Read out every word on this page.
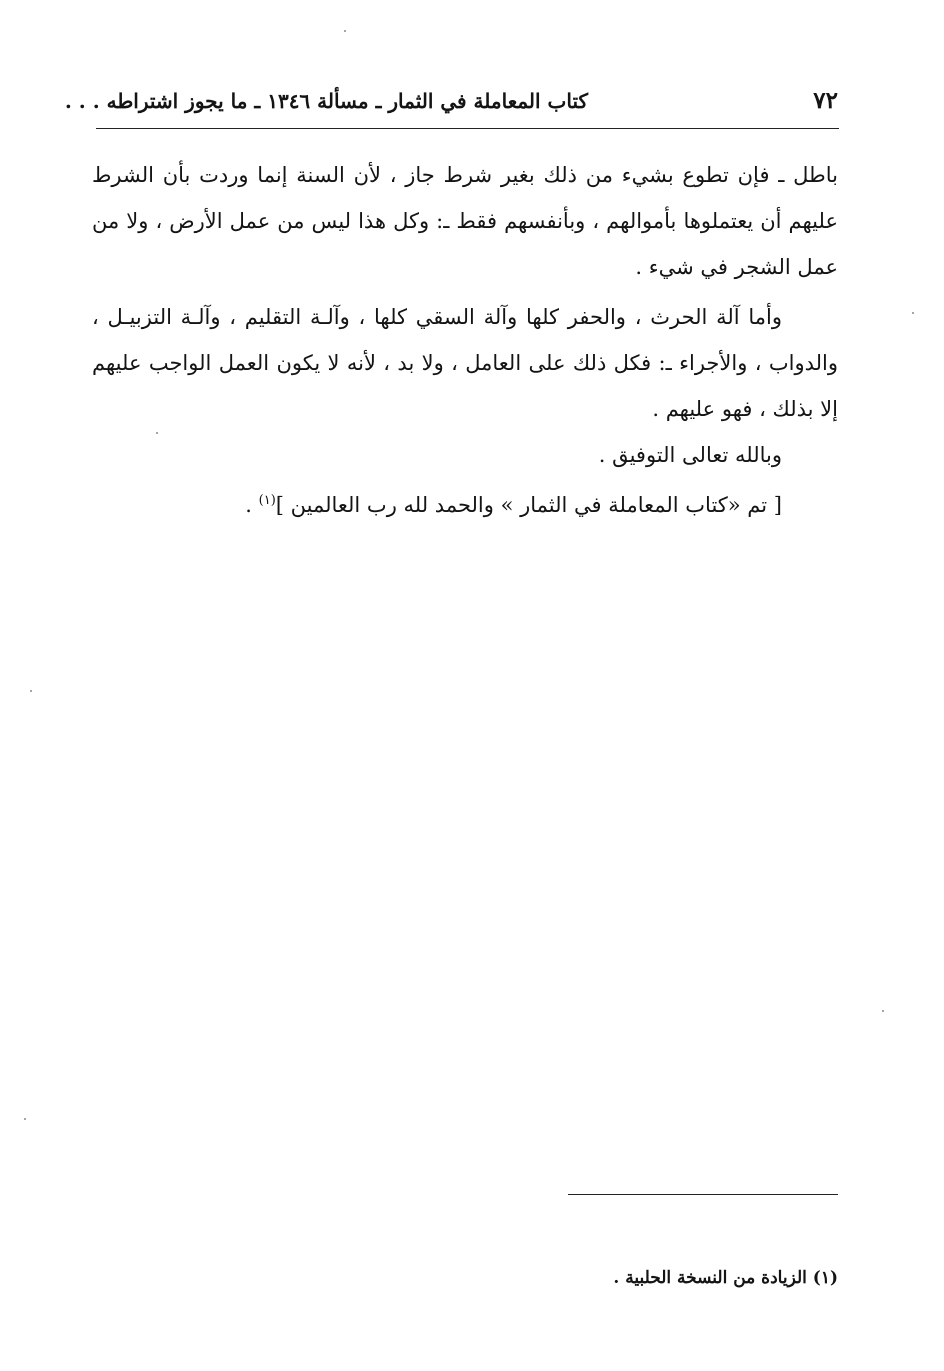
٧٢
كتاب المعاملة في الثمار ـ مسألة ١٣٤٦ ـ ما يجوز اشتراطه . . .

باطل ـ فإن تطوع بشيء من ذلك بغير شرط جاز ، لأن السنة إنما وردت بأن الشرط عليهم أن يعتملوها بأموالهم ، وبأنفسهم فقط ـ: وكل هذا ليس من عمل الأرض ، ولا من عمل الشجر في شيء .

وأما آلة الحرث ، والحفر كلها وآلة السقي كلها ، وآلـة التقليم ، وآلـة التزبيـل ، والدواب ، والأجراء ـ: فكل ذلك على العامل ، ولا بد ، لأنه لا يكون العمل الواجب عليهم إلا بذلك ، فهو عليهم .

وبالله تعالى التوفيق .

[ تم «كتاب المعاملة في الثمار » والحمد لله رب العالمين ]$^{(١)}$ .

(١) الزيادة من النسخة الحلبية .
